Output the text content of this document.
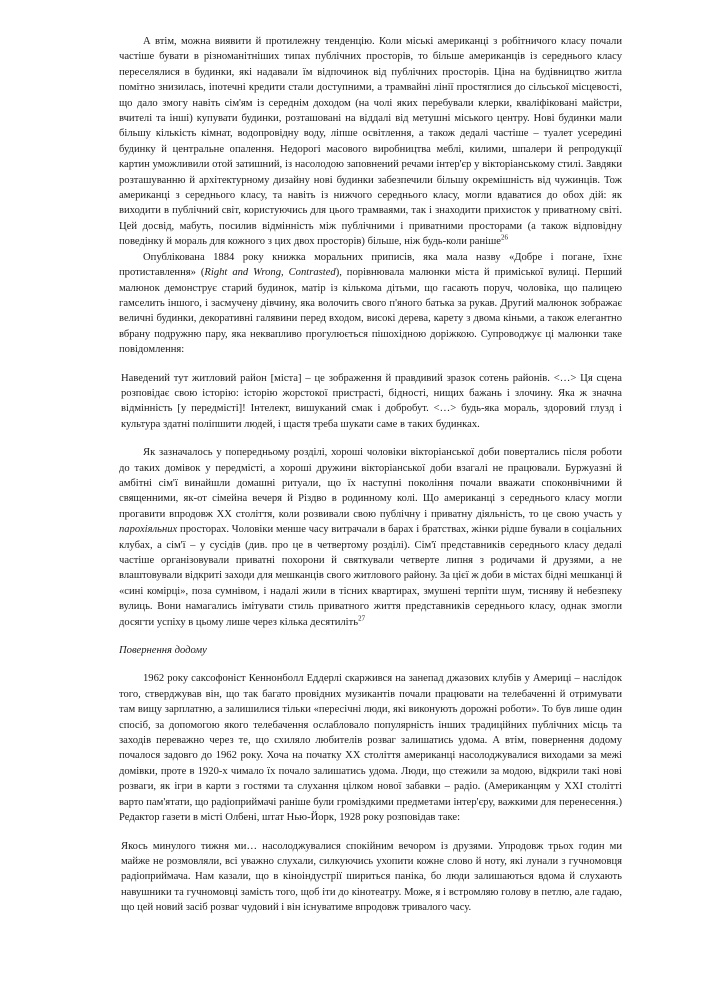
А втім, можна виявити й протилежну тенденцію. Коли міські американці з робітничого класу почали частіше бувати в різноманітніших типах публічних просторів, то більше американців із середнього класу переселялися в будинки, які надавали їм відпочинок від публічних просторів. Ціна на будівництво житла помітно знизилась, іпотечні кредити стали доступними, а трамвайні лінії простяглися до сільської місцевості, що дало змогу навіть сім'ям із середнім доходом (на чолі яких перебували клерки, кваліфіковані майстри, вчителі та інші) купувати будинки, розташовані на віддалі від метушні міського центру. Нові будинки мали більшу кількість кімнат, водопровідну воду, ліпше освітлення, а також дедалі частіше – туалет усередині будинку й центральне опалення. Недорогі масового виробництва меблі, килими, шпалери й репродукції картин уможливили отой затишний, із насолодою заповнений речами інтер'єр у вікторіанському стилі. Завдяки розташуванню й архітектурному дизайну нові будинки забезпечили більшу окремішність від чужинців. Тож американці з середнього класу, та навіть із нижчого середнього класу, могли вдаватися до обох дій: як виходити в публічний світ, користуючись для цього трамваями, так і знаходити прихисток у приватному світі. Цей досвід, мабуть, посилив відмінність між публічними і приватними просторами (а також відповідну поведінку й мораль для кожного з цих двох просторів) більше, ніж будь-коли раніше$^{26}$

Опублікована 1884 року книжка моральних приписів, яка мала назву «Добре і погане, їхнє протиставлення» (Right and Wrong, Contrasted), порівнювала малюнки міста й приміської вулиці. Перший малюнок демонструє старий будинок, матір із кількома дітьми, що гасають поруч, чоловіка, що палицею гамселить іншого, і засмучену дівчину, яка волочить свого п'яного батька за рукав. Другий малюнок зображає величні будинки, декоративні галявини перед входом, високі дерева, карету з двома кіньми, а також елегантно вбрану подружню пару, яка неквапливо прогулюється пішохідною доріжкою. Супроводжує ці малюнки таке повідомлення:

Наведений тут житловий район [міста] – це зображення й правдивий зразок сотень районів. <…> Ця сцена розповідає свою історію: історію жорстокої пристрасті, бідності, нищих бажань і злочину. Яка ж значна відмінність [у передмісті]! Інтелект, вишуканий смак і добробут. <…> будь-яка мораль, здоровий глузд і культура здатні поліпшити людей, і щастя треба шукати саме в таких будинках.

Як зазначалось у попередньому розділі, хороші чоловіки вікторіанської доби повертались після роботи до таких домівок у передмісті, а хороші дружини вікторіанської доби взагалі не працювали. Буржуазні й амбітні сім'ї винайшли домашні ритуали, що їх наступні покоління почали вважати споконвічними й священними, як-от сімейна вечеря й Різдво в родинному колі. Що американці з середнього класу могли прогавити впродовж XX століття, коли розвивали свою публічну і приватну діяльність, то це свою участь у парохіяльних просторах. Чоловіки менше часу витрачали в барах і братствах, жінки рідше бували в соціальних клубах, а сім'ї – у сусідів (див. про це в четвертому розділі). Сім'ї представників середнього класу дедалі частіше організовували приватні похорони й святкували четверте липня з родичами й друзями, а не влаштовували відкриті заходи для мешканців свого житлового району. За цієї ж доби в містах бідні мешканці й «сині комірці», поза сумнівом, і надалі жили в тісних квартирах, змушені терпіти шум, тисняву й небезпеку вулиць. Вони намагались імітувати стиль приватного життя представників середнього класу, однак змогли досягти успіху в цьому лише через кілька десятиліть$^{27}$

Повернення додому

1962 року саксофоніст Кеннонболл Еддерлі скаржився на занепад джазових клубів у Америці – наслідок того, стверджував він, що так багато провідних музикантів почали працювати на телебаченні й отримувати там вищу зарплатню, а залишилися тільки «пересічні люди, які виконують дорожні роботи». То був лише один спосіб, за допомогою якого телебачення ослабловало популярність інших традиційних публічних місць та заходів переважно через те, що схиляло любителів розваг залишатись удома. А втім, повернення додому почалося задовго до 1962 року. Хоча на початку XX століття американці насолоджувалися виходами за межі домівки, проте в 1920-х чимало їх почало залишатись удома. Люди, що стежили за модою, відкрили такі нові розваги, як ігри в карти з гостями та слухання цілком нової забавки – радіо. (Американцям у XXI столітті варто пам'ятати, що радіоприймачі раніше були громіздкими предметами інтер'єру, важкими для перенесення.) Редактор газети в місті Олбені, штат Нью-Йорк, 1928 року розповідав таке:

Якось минулого тижня ми… насолоджувалися спокійним вечором із друзями. Упродовж трьох годин ми майже не розмовляли, всі уважно слухали, силкуючись ухопити кожне слово й ноту, які лунали з гучномовця радіоприймача. Нам казали, що в кіноіндустрії шириться паніка, бо люди залишаються вдома й слухають навушники та гучномовці замість того, щоб іти до кінотеатру. Може, я і встромляю голову в петлю, але гадаю, що цей новий засіб розваг чудовий і він існуватиме впродовж тривалого часу.
